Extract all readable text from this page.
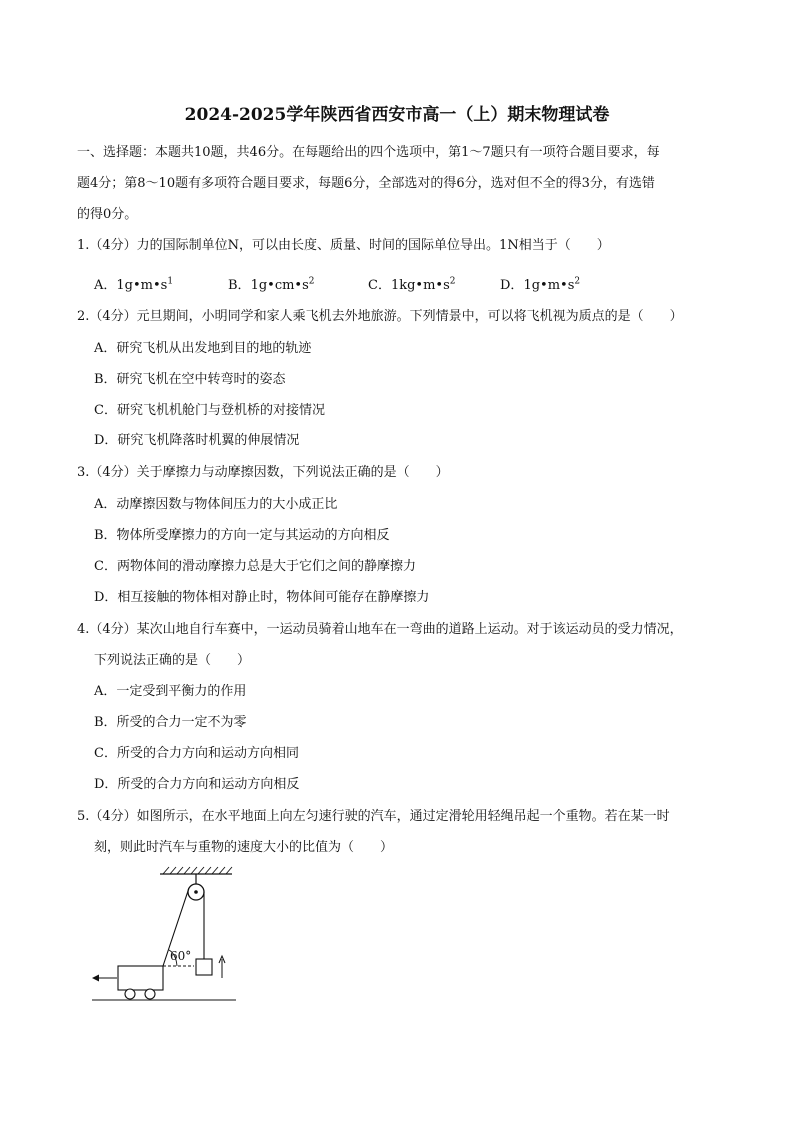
2024-2025学年陕西省西安市高一（上）期末物理试卷
一、选择题：本题共10题，共46分。在每题给出的四个选项中，第1～7题只有一项符合题目要求，每
题4分；第8～10题有多项符合题目要求，每题6分，全部选对的得6分，选对但不全的得3分，有选错
的得0分。
1.（4分）力的国际制单位N，可以由长度、质量、时间的国际单位导出。1N相当于（　　）
A．$1g•m•s^1$	B．$1g•cm•s^2$	C．$1kg•m•s^2$	D．$1g•m•s^2$
2.（4分）元旦期间，小明同学和家人乘飞机去外地旅游。下列情景中，可以将飞机视为质点的是（　　）
A．研究飞机从出发地到目的地的轨迹
B．研究飞机在空中转弯时的姿态
C．研究飞机机舱门与登机桥的对接情况
D．研究飞机降落时机翼的伸展情况
3.（4分）关于摩擦力与动摩擦因数，下列说法正确的是（　　）
A．动摩擦因数与物体间压力的大小成正比
B．物体所受摩擦力的方向一定与其运动的方向相反
C．两物体间的滑动摩擦力总是大于它们之间的静摩擦力
D．相互接触的物体相对静止时，物体间可能存在静摩擦力
4.（4分）某次山地自行车赛中，一运动员骑着山地车在一弯曲的道路上运动。对于该运动员的受力情况，
下列说法正确的是（　　）
A．一定受到平衡力的作用
B．所受的合力一定不为零
C．所受的合力方向和运动方向相同
D．所受的合力方向和运动方向相反
5.（4分）如图所示，在水平地面上向左匀速行驶的汽车，通过定滑轮用轻绳吊起一个重物。若在某一时
刻，则此时汽车与重物的速度大小的比值为（　　）
60°
